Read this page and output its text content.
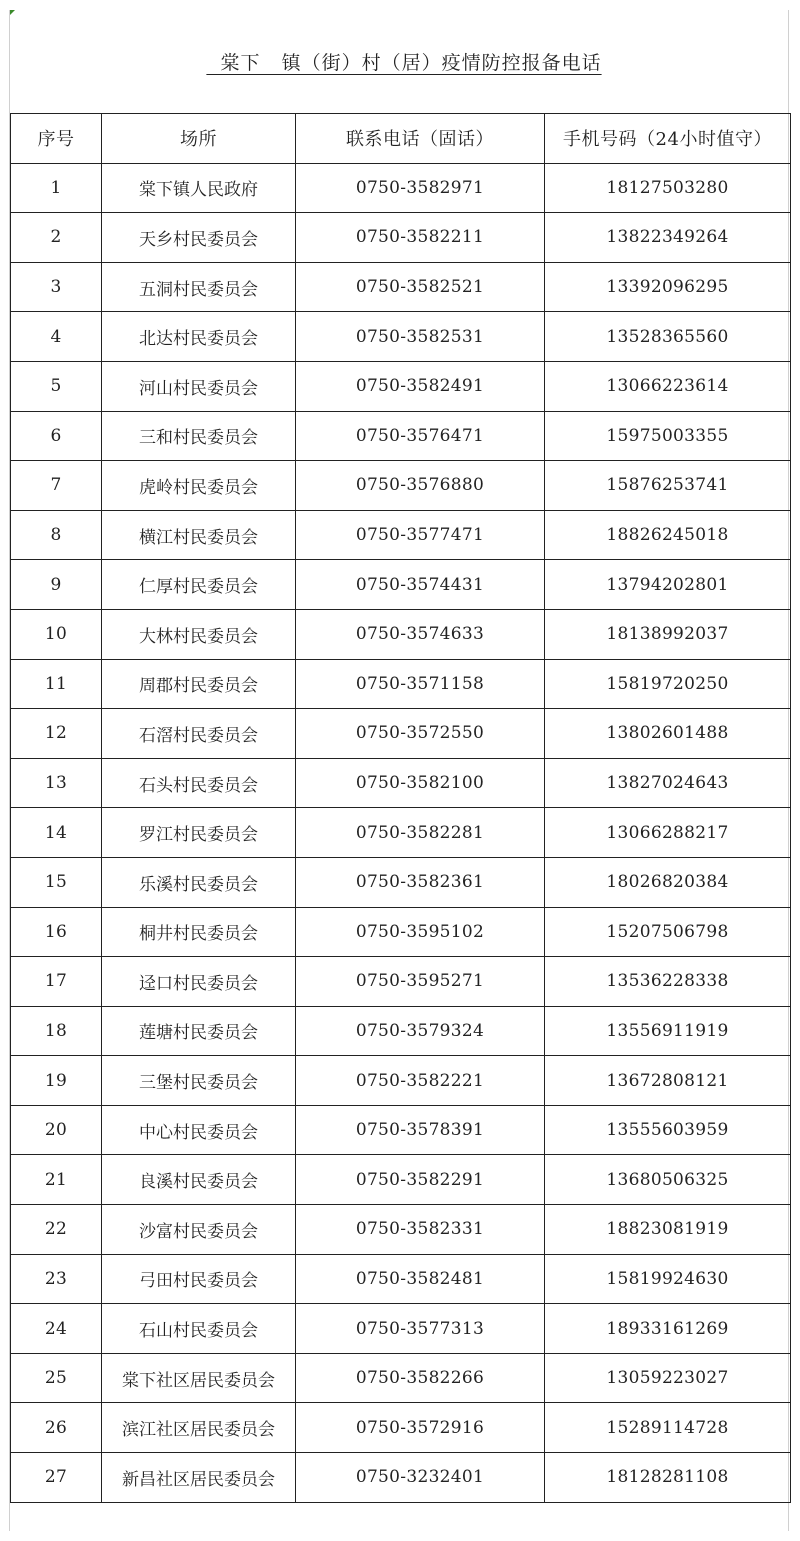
棠下   镇（街）村（居）疫情防控报备电话
序号	场所	联系电话（固话）	手机号码（24小时值守）
1	棠下镇人民政府	0750-3582971	18127503280
2	天乡村民委员会	0750-3582211	13822349264
3	五洞村民委员会	0750-3582521	13392096295
4	北达村民委员会	0750-3582531	13528365560
5	河山村民委员会	0750-3582491	13066223614
6	三和村民委员会	0750-3576471	15975003355
7	虎岭村民委员会	0750-3576880	15876253741
8	横江村民委员会	0750-3577471	18826245018
9	仁厚村民委员会	0750-3574431	13794202801
10	大林村民委员会	0750-3574633	18138992037
11	周郡村民委员会	0750-3571158	15819720250
12	石滘村民委员会	0750-3572550	13802601488
13	石头村民委员会	0750-3582100	13827024643
14	罗江村民委员会	0750-3582281	13066288217
15	乐溪村民委员会	0750-3582361	18026820384
16	桐井村民委员会	0750-3595102	15207506798
17	迳口村民委员会	0750-3595271	13536228338
18	莲塘村民委员会	0750-3579324	13556911919
19	三堡村民委员会	0750-3582221	13672808121
20	中心村民委员会	0750-3578391	13555603959
21	良溪村民委员会	0750-3582291	13680506325
22	沙富村民委员会	0750-3582331	18823081919
23	弓田村民委员会	0750-3582481	15819924630
24	石山村民委员会	0750-3577313	18933161269
25	棠下社区居民委员会	0750-3582266	13059223027
26	滨江社区居民委员会	0750-3572916	15289114728
27	新昌社区居民委员会	0750-3232401	18128281108
